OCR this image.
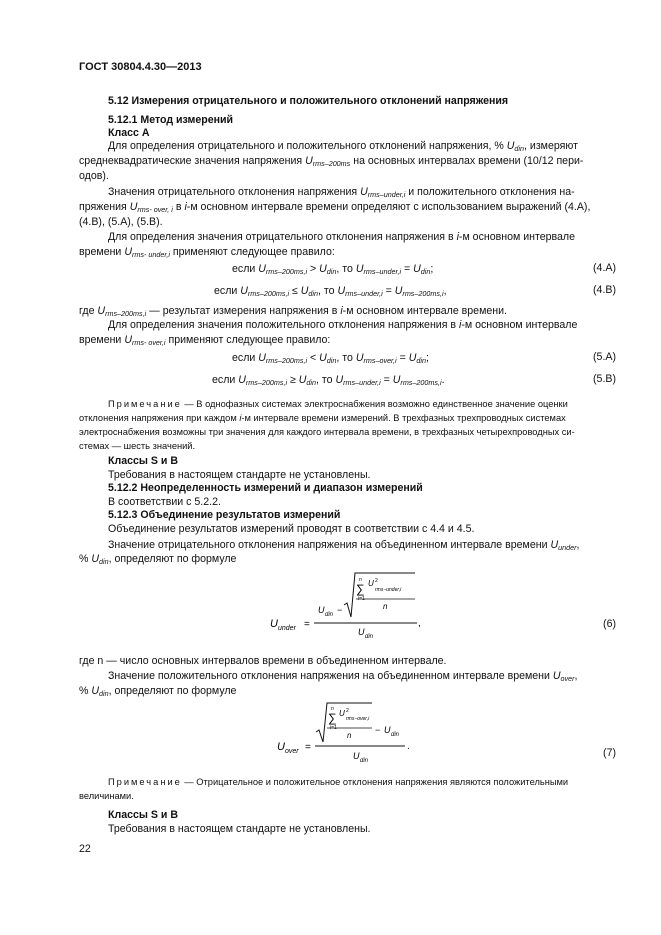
ГОСТ 30804.4.30—2013
5.12 Измерения отрицательного и положительного отклонений напряжения
5.12.1 Метод измерений
Класс А
Для определения отрицательного и положительного отклонений напряжения, % $U_{din}$, измеряют
среднеквадратические значения напряжения $U_{rms-200ms}$ на основных интервалах времени (10/12 пери-
одов).
Значения отрицательного отклонения напряжения $U_{rms-under,i}$ и положительного отклонения на-
пряжения $U_{rms- over, i}$ в i-м основном интервале времени определяют с использованием выражений (4.А),
(4.В), (5.А), (5.В).
Для определения значения отрицательного отклонения напряжения в i-м основном интервале
времени $U_{rms- under,i}$ применяют следующее правило:
если $U_{rms-200ms,i} > U_{din}$, то $U_{rms-under,i} = U_{din}$;	(4.А)
если $U_{rms-200ms,i} \le U_{din}$, то $U_{rms-under,i} = U_{rms-200ms,i}$,	(4.В)
где $U_{rms-200ms,i}$ — результат измерения напряжения в i-м основном интервале времени.
Для определения значения положительного отклонения напряжения в i-м основном интервале
времени $U_{rms- over,i}$ применяют следующее правило:
если $U_{rms-200ms,i} < U_{din}$, то $U_{rms-over,i} = U_{din}$;	(5.А)
если $U_{rms-200ms,i} \ge U_{din}$, то $U_{rms-under,i} = U_{rms-200ms,i}$.	(5.В)
Примечание — В однофазных системах электроснабжения возможно единственное значение оценки
отклонения напряжения при каждом i-м интервале времени измерений. В трехфазных трехпроводных системах
электроснабжения возможны три значения для каждого интервала времени, в трехфазных четырехпроводных си-
стемах — шесть значений.
Классы S и В
Требования в настоящем стандарте не установлены.
5.12.2 Неопределенность измерений и диапазон измерений
В соответствии с 5.2.2.
5.12.3 Объединение результатов измерений
Объединение результатов измерений проводят в соответствии с 4.4 и 4.5.
Значение отрицательного отклонения напряжения на объединенном интервале времени $U_{under}$,
% $U_{din}$, определяют по формуле
U under =
U din −
n
∑
i=1
U 2
rms−under,i
n
U din
,	(6)
где n — число основных интервалов времени в объединенном интервале.
Значение положительного отклонения напряжения на объединенном интервале времени $U_{over}$,
% $U_{din}$, определяют по формуле
U over =
n
∑
i=1
U 2
rms−over,i
n
− U din
U din
.
(7)
Примечание — Отрицательное и положительное отклонения напряжения являются положительными
величинами.
Классы S и В
Требования в настоящем стандарте не установлены.
22
